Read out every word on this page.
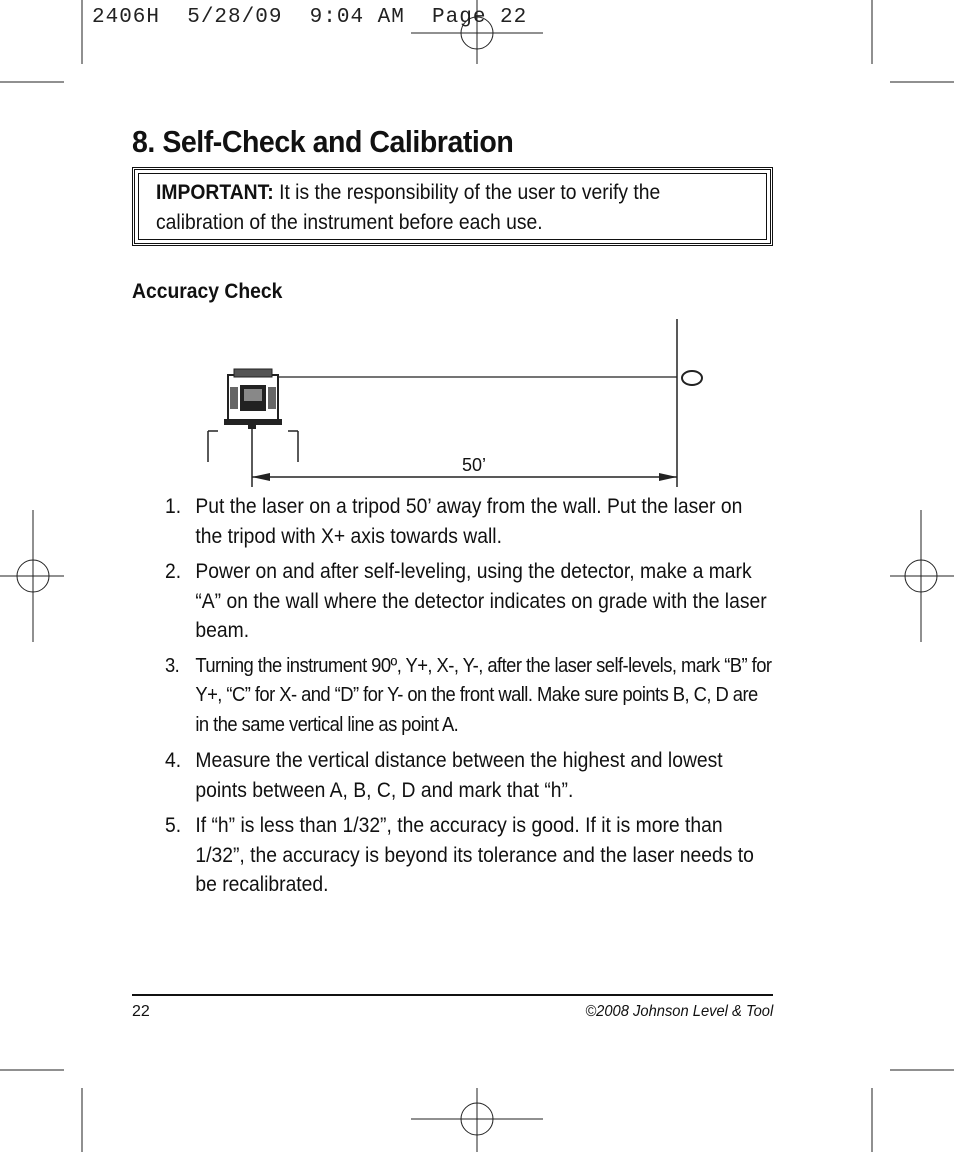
2406H  5/28/09  9:04 AM  Page 22
8. Self-Check and Calibration
IMPORTANT: It is the responsibility of the user to verify the calibration of the instrument before each use.
Accuracy Check
50’
1. Put the laser on a tripod 50’ away from the wall. Put the laser on the tripod with X+ axis towards wall.
2. Power on and after self-leveling, using the detector, make a mark “A” on the wall where the detector indicates on grade with the laser beam.
3. Turning the instrument 90º, Y+, X-, Y-, after the laser self-levels, mark “B” for Y+, “C” for X- and “D” for Y- on the front wall. Make sure points B, C, D are in the same vertical line as point A.
4. Measure the vertical distance between the highest and lowest points between A, B, C, D and mark that “h”.
5. If “h” is less than 1/32”, the accuracy is good. If it is more than 1/32”, the accuracy is beyond its tolerance and the laser needs to be recalibrated.
22	©2008 Johnson Level & Tool
